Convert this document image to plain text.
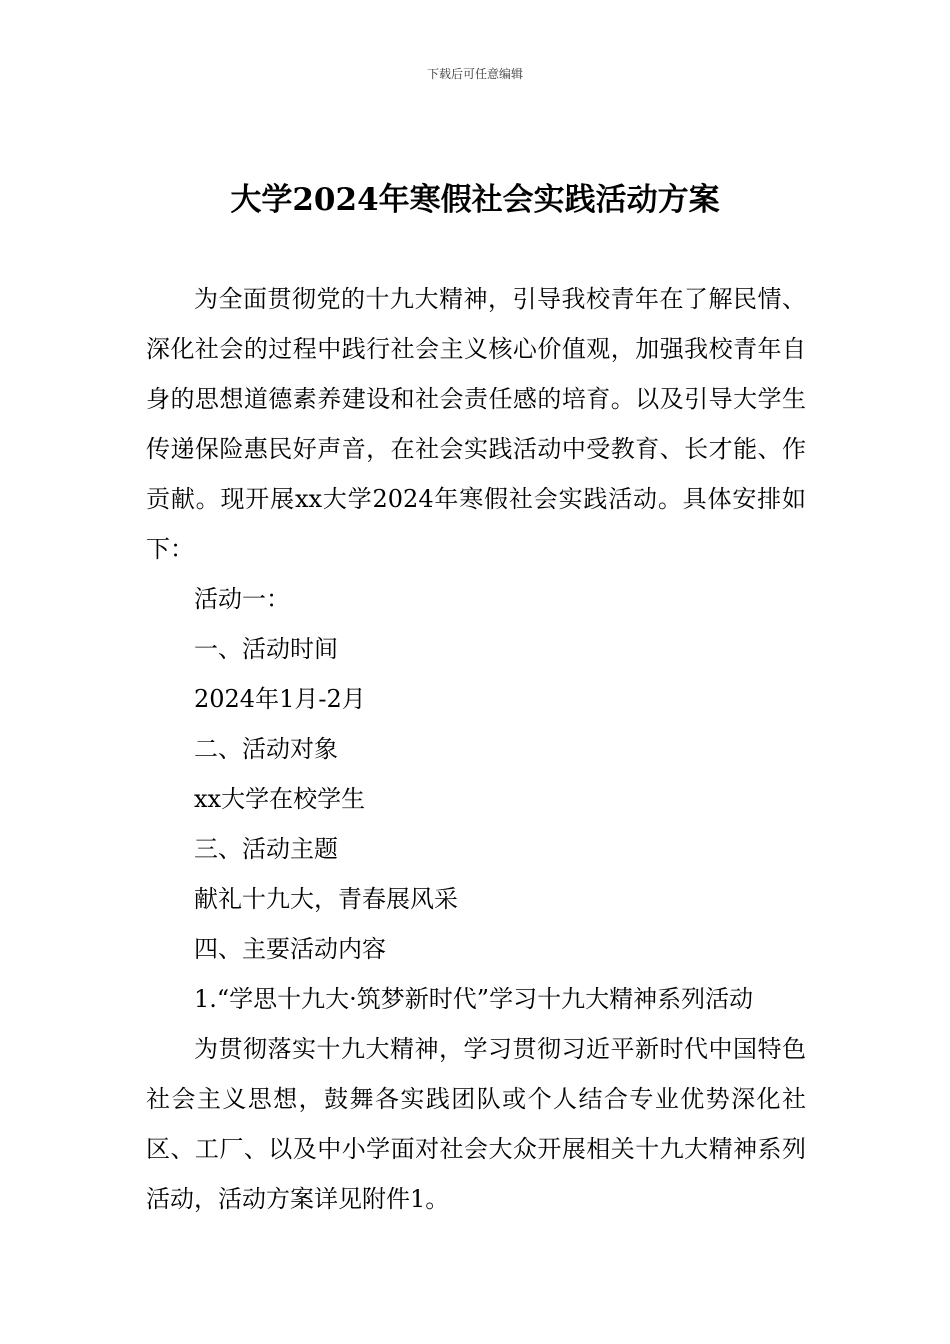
下载后可任意编辑
大学2024年寒假社会实践活动方案

为全面贯彻党的十九大精神，引导我校青年在了解民情、深化社会的过程中践行社会主义核心价值观，加强我校青年自身的思想道德素养建设和社会责任感的培育。以及引导大学生传递保险惠民好声音，在社会实践活动中受教育、长才能、作贡献。现开展xx大学2024年寒假社会实践活动。具体安排如下：

活动一：

一、活动时间

2024年1月-2月

二、活动对象

xx大学在校学生

三、活动主题

献礼十九大，青春展风采

四、主要活动内容

1.“学思十九大·筑梦新时代”学习十九大精神系列活动

为贯彻落实十九大精神，学习贯彻习近平新时代中国特色社会主义思想，鼓舞各实践团队或个人结合专业优势深化社区、工厂、以及中小学面对社会大众开展相关十九大精神系列活动，活动方案详见附件1。
